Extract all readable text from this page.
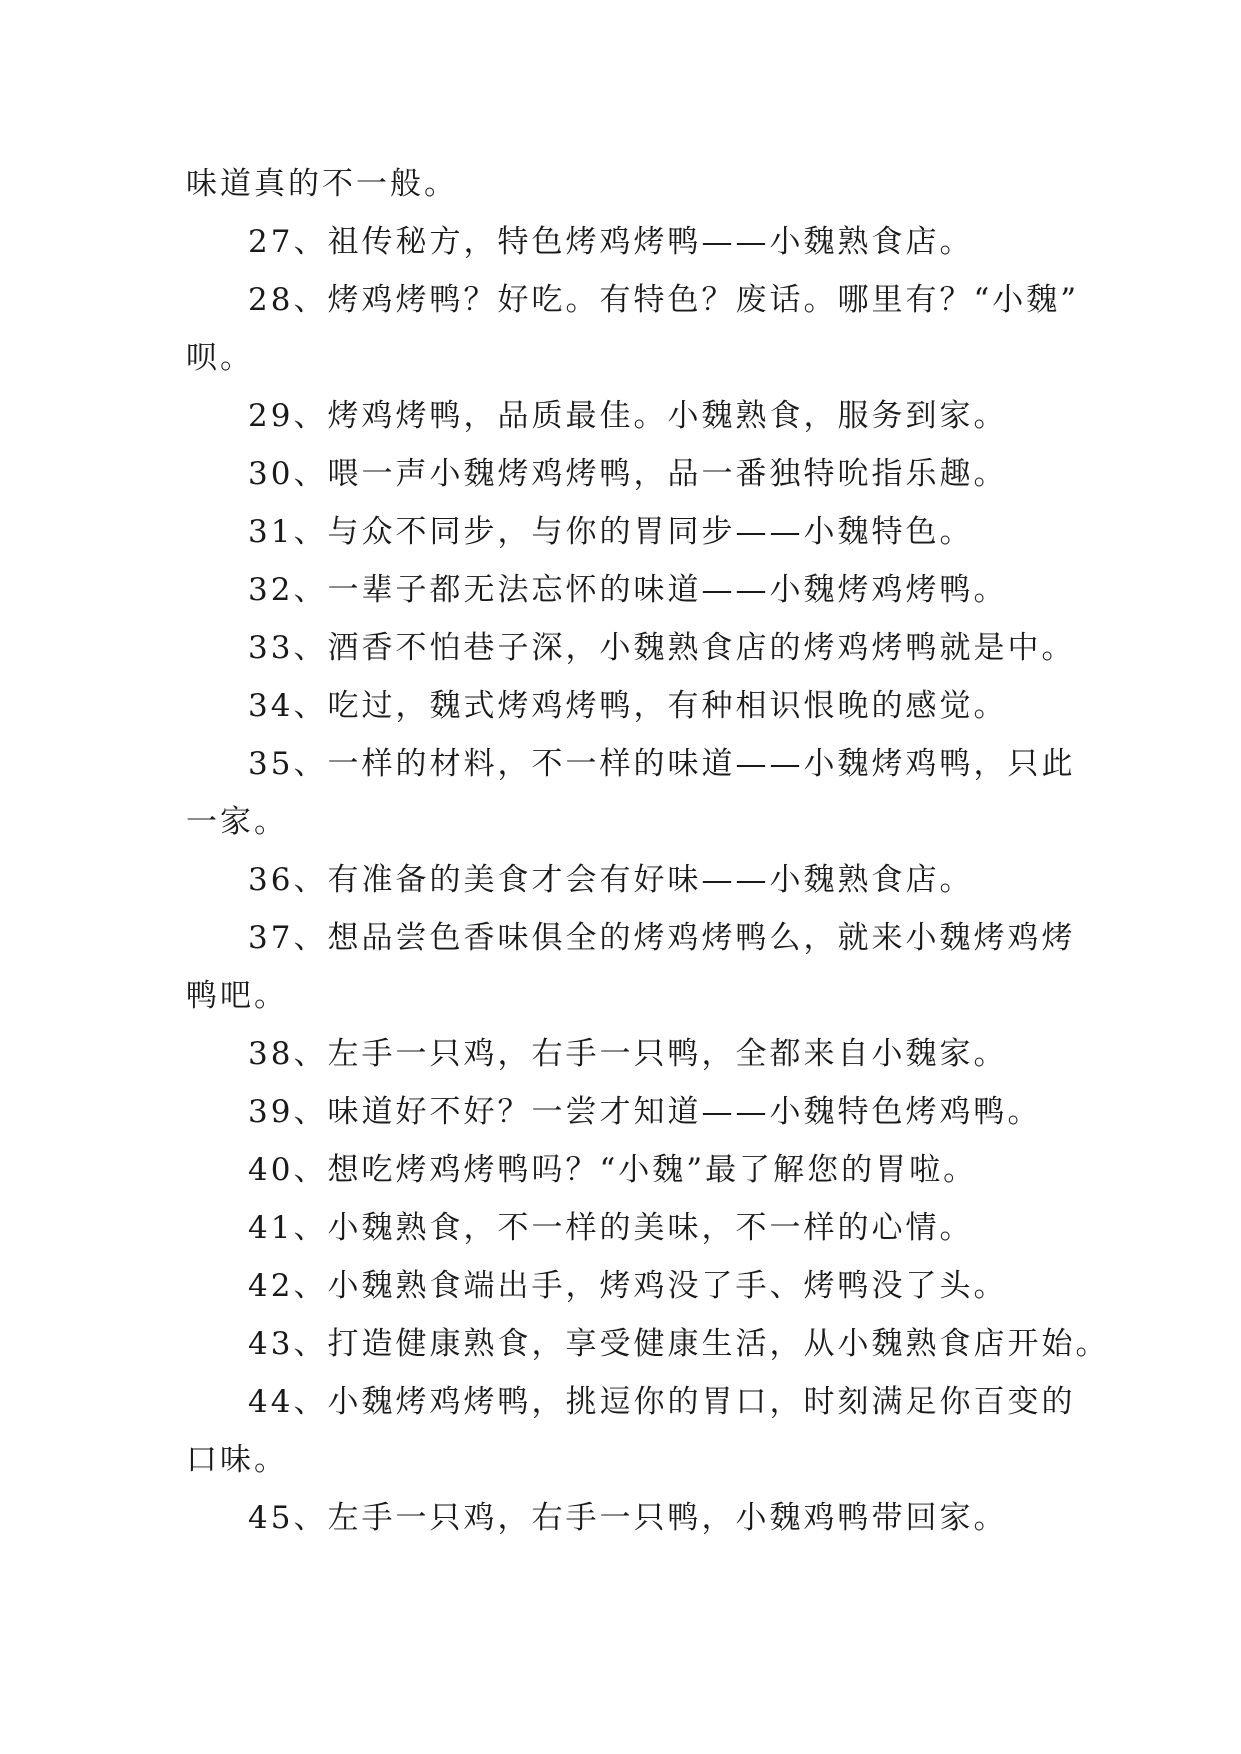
味道真的不一般。
27、祖传秘方，特色烤鸡烤鸭——小魏熟食店。
28、烤鸡烤鸭？好吃。有特色？废话。哪里有？“小魏”
呗。
29、烤鸡烤鸭，品质最佳。小魏熟食，服务到家。
30、喂一声小魏烤鸡烤鸭，品一番独特吮指乐趣。
31、与众不同步，与你的胃同步——小魏特色。
32、一辈子都无法忘怀的味道——小魏烤鸡烤鸭。
33、酒香不怕巷子深，小魏熟食店的烤鸡烤鸭就是中。
34、吃过，魏式烤鸡烤鸭，有种相识恨晚的感觉。
35、一样的材料，不一样的味道——小魏烤鸡鸭，只此
一家。
36、有准备的美食才会有好味——小魏熟食店。
37、想品尝色香味俱全的烤鸡烤鸭么，就来小魏烤鸡烤
鸭吧。
38、左手一只鸡，右手一只鸭，全都来自小魏家。
39、味道好不好？一尝才知道——小魏特色烤鸡鸭。
40、想吃烤鸡烤鸭吗？“小魏”最了解您的胃啦。
41、小魏熟食，不一样的美味，不一样的心情。
42、小魏熟食端出手，烤鸡没了手、烤鸭没了头。
43、打造健康熟食，享受健康生活，从小魏熟食店开始。
44、小魏烤鸡烤鸭，挑逗你的胃口，时刻满足你百变的
口味。
45、左手一只鸡，右手一只鸭，小魏鸡鸭带回家。
